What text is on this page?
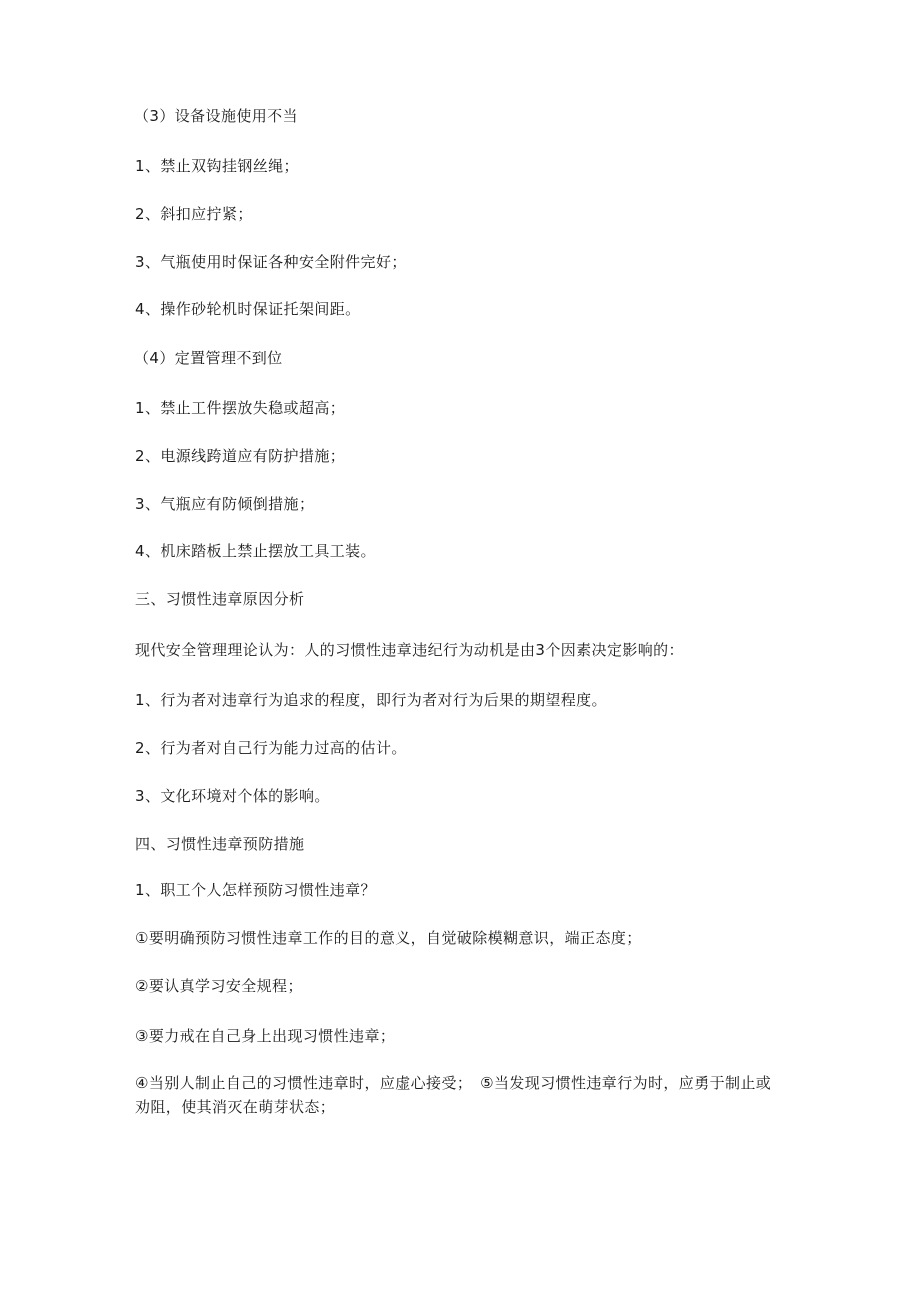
（3）设备设施使用不当
1、禁止双钩挂钢丝绳；
2、斜扣应拧紧；
3、气瓶使用时保证各种安全附件完好；
4、操作砂轮机时保证托架间距。
（4）定置管理不到位
1、禁止工件摆放失稳或超高；
2、电源线跨道应有防护措施；
3、气瓶应有防倾倒措施；
4、机床踏板上禁止摆放工具工装。
三、习惯性违章原因分析
现代安全管理理论认为：人的习惯性违章违纪行为动机是由3个因素决定影响的：
1、行为者对违章行为追求的程度，即行为者对行为后果的期望程度。
2、行为者对自己行为能力过高的估计。
3、文化环境对个体的影响。
四、习惯性违章预防措施
1、职工个人怎样预防习惯性违章？
①要明确预防习惯性违章工作的目的意义，自觉破除模糊意识，端正态度；
②要认真学习安全规程；
③要力戒在自己身上出现习惯性违章；
④当别人制止自己的习惯性违章时，应虚心接受；　⑤当发现习惯性违章行为时，应勇于制止或劝阻，使其消灭在萌芽状态；
